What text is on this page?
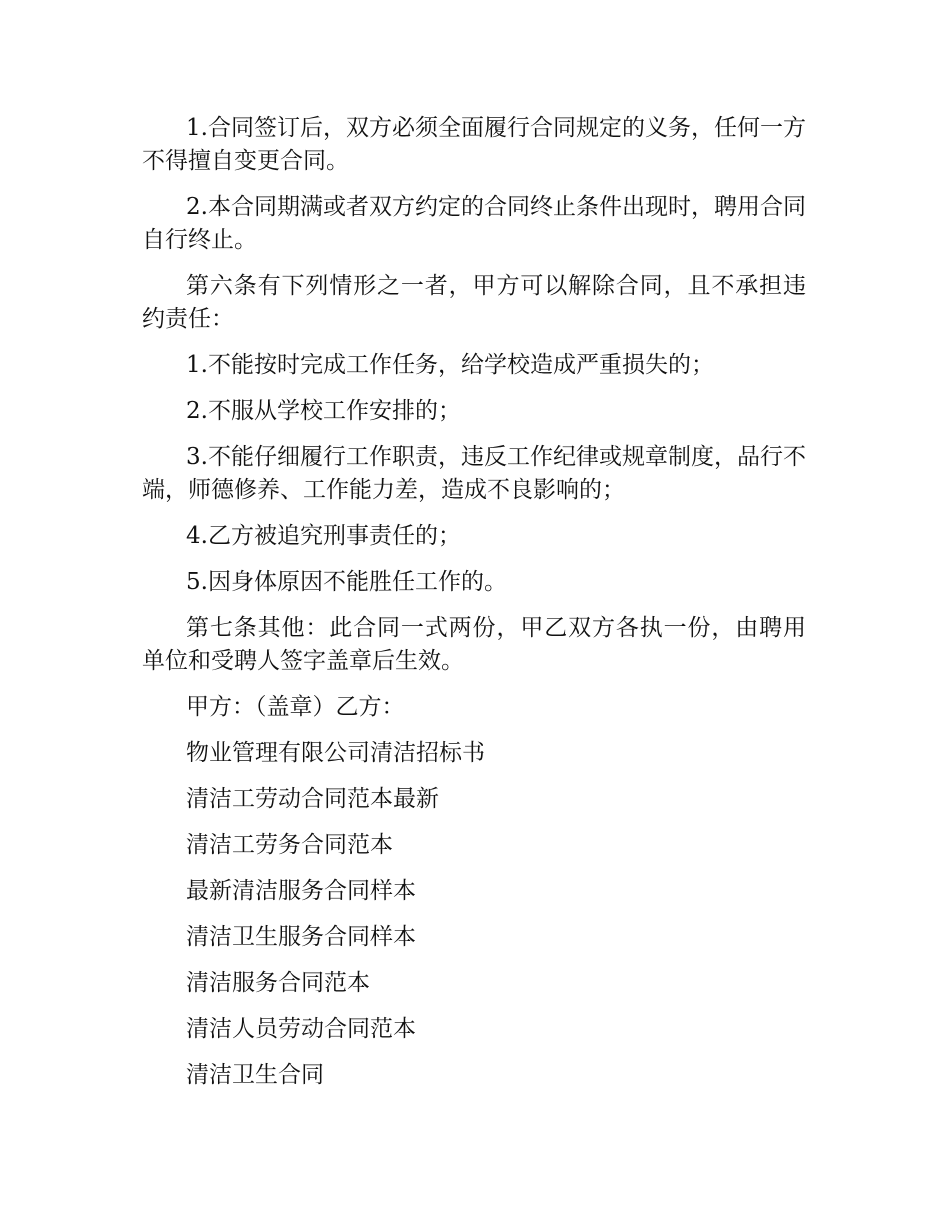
1.合同签订后，双方必须全面履行合同规定的义务，任何一方不得擅自变更合同。

2.本合同期满或者双方约定的合同终止条件出现时，聘用合同自行终止。

第六条有下列情形之一者，甲方可以解除合同，且不承担违约责任：

1.不能按时完成工作任务，给学校造成严重损失的；

2.不服从学校工作安排的；

3.不能仔细履行工作职责，违反工作纪律或规章制度，品行不端，师德修养、工作能力差，造成不良影响的；

4.乙方被追究刑事责任的；

5.因身体原因不能胜任工作的。

第七条其他：此合同一式两份，甲乙双方各执一份，由聘用单位和受聘人签字盖章后生效。

甲方：（盖章）乙方：

物业管理有限公司清洁招标书

清洁工劳动合同范本最新

清洁工劳务合同范本

最新清洁服务合同样本

清洁卫生服务合同样本

清洁服务合同范本

清洁人员劳动合同范本

清洁卫生合同
